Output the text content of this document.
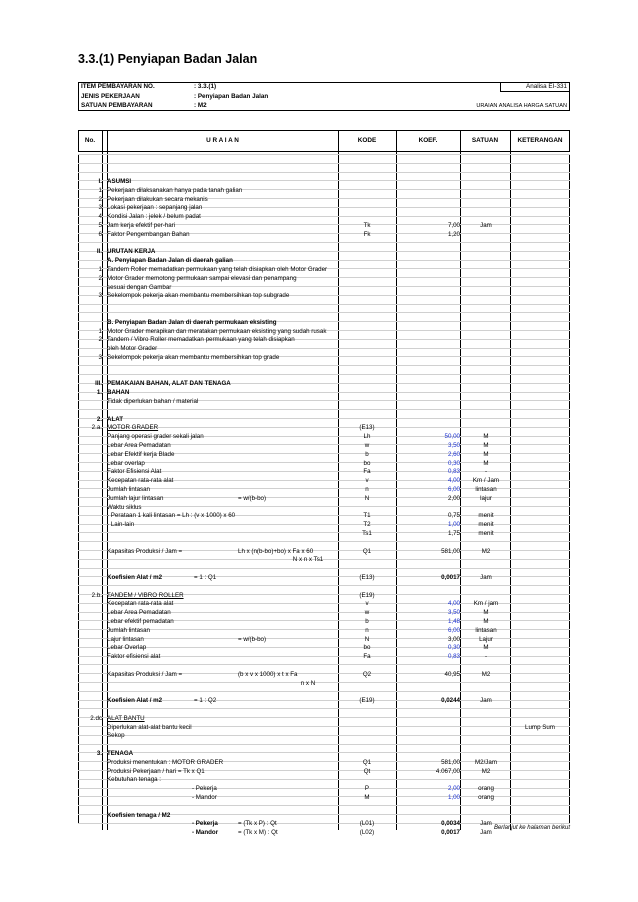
3.3.(1) Penyiapan Badan Jalan
ITEM PEMBAYARAN NO.	: 3.3.(1)	Analisa EI-331
JENIS PEKERJAAN	: Penyiapan Badan Jalan
SATUAN PEMBAYARAN	: M2	URAIAN ANALISA HARGA SATUAN
No.	U R A I A N	KODE	KOEF.	SATUAN	KETERANGAN
I. ASUMSI
1 Pekerjaan dilaksanakan hanya pada tanah galian
2 Pekerjaan dilakukan secara mekanis
3 Lokasi pekerjaan : sepanjang jalan
4 Kondisi Jalan : jelek / belum padat
5 Jam kerja efektif per-hari	Tk	7,00	Jam
6 Faktor Pengembangan Bahan	Fk	1,20
II. URUTAN KERJA
A. Penyiapan Badan Jalan di daerah galian
1 Tandem Roller memadatkan permukaan yang telah disiapkan oleh Motor Grader
2 Motor Grader memotong permukaan sampai elevasi dan penampang
sesuai dengan Gambar
3 Sekelompok pekerja akan membantu membersihkan top subgrade
B. Penyiapan Badan Jalan di daerah permukaan eksisting
1 Motor Grader merapikan dan meratakan permukaan eksisting yang sudah rusak
2 Tandem / Vibro Roller memadatkan permukaan yang telah disiapkan
oleh Motor Grader
3 Sekelompok pekerja akan membantu membersihkan top grade
III. PEMAKAIAN BAHAN, ALAT DAN TENAGA
1. BAHAN
Tidak diperlukan bahan / material
2. ALAT
2.a. MOTOR GRADER	(E13)
Panjang operasi grader sekali jalan	Lh	50,00	M
Lebar Area Pemadatan	w	3,50	M
Lebar Efektif kerja Blade	b	2,60	M
Lebar overlap	bo	0,30	M
Faktor Efisiensi Alat	Fa	0,83	-
Kecepatan rata-rata alat	v	4,00	Km / Jam
Jumlah lintasan	n	6,00	lintasan
Jumlah lajur lintasan	= w/(b-bo)	N	2,00	lajur
Waktu siklus
- Perataan 1 kali lintasan = Lh : (v x 1000) x 60	T1	0,75	menit
- Lain-lain	T2	1,00	menit
Ts1	1,75	menit
Kapasitas Produksi / Jam =	Lh x (n(b-bo)+bo) x Fa x 60	Q1	581,00	M2
N x n x Ts1
Koefisien Alat / m2	= 1 : Q1	(E13)	0,0017	Jam
2.b. TANDEM / VIBRO ROLLER	(E19)
Kecepatan rata-rata alat	v	4,00	Km / jam
Lebar Area Pemadatan	w	3,50	M
Lebar efektif pemadatan	b	1,48	M
Jumlah lintasan	n	6,00	lintasan
Lajur lintasan	= w/(b-bo)	N	3,00	Lajur
Lebar Overlap	bo	0,30	M
Faktor efisiensi alat	Fa	0,83	-
Kapasitas Produksi / Jam =	(b x v x 1000) x t x Fa	Q2	40,95	M2
n x N
Koefisien Alat / m2	= 1 : Q2	(E19)	0,0244	Jam
2.dc ALAT BANTU
Diperlukan alat-alat bantu kecil	Lump Sum
Sekop
3. TENAGA
Produksi menentukan : MOTOR GRADER	Q1	581,00	M2/Jam
Produksi Pekerjaan / hari = Tk x Q1	Qt	4.067,00	M2
Kebutuhan tenaga :
- Pekerja	P	2,00	orang
- Mandor	M	1,00	orang
Koefisien tenaga / M2
- Pekerja	= (Tk x P) : Qt	(L01)	0,0034	Jam
- Mandor	= (Tk x M) : Qt	(L02)	0,0017	Jam
Berlanjut ke halaman berikut
